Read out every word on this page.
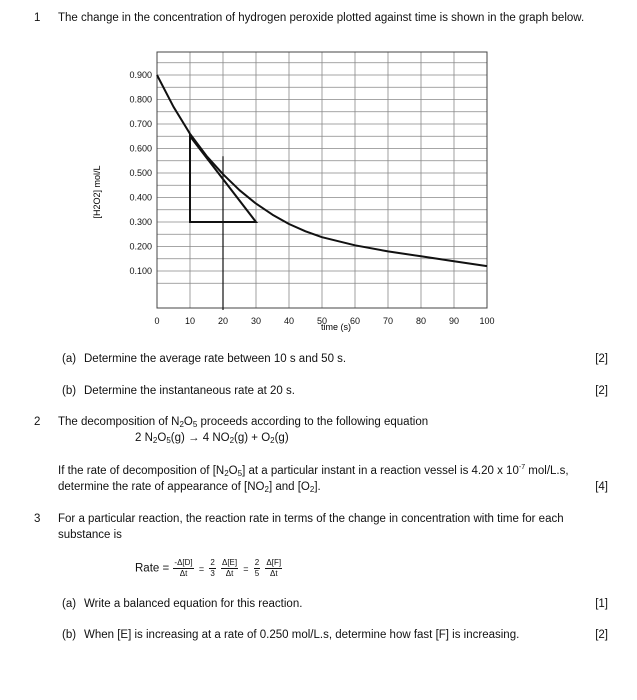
1 The change in the concentration of hydrogen peroxide plotted against time is shown in the graph below.
0.900
0.800
0.700
0.600
0.500
0.400
0.300
0.200
0.100
0	10	20	30	40	50	60	70	80	90 100
[H2O2] mol/L
time (s)
(a) Determine the average rate between 10 s and 50 s.	[2]
(b) Determine the instantaneous rate at 20 s.	[2]
2 The decomposition of $N_2O_5$ proceeds according to the following equation
2 $N_2O_5(g) \to 4$ $NO_2(g) + O_2(g)$
If the rate of decomposition of $[N_2O_5]$ at a particular instant in a reaction vessel is 4.20 x $10^{-7}$ mol/L.s,
determine the rate of appearance of $[NO_2]$ and $[O_2]$.	[4]
3 For a particular reaction, the reaction rate in terms of the change in concentration with time for each
substance is
Rate = $\frac{-\Delta[D]}{\Delta t} = \frac{2}{3}$
$\frac{\Delta[E]}{\Delta t} = \frac{2}{5}$
$\frac{\Delta[F]}{\Delta t}$
(a) Write a balanced equation for this reaction.	[1]
(b) When [E] is increasing at a rate of 0.250 mol/L.s, determine how fast [F] is increasing.	[2]
